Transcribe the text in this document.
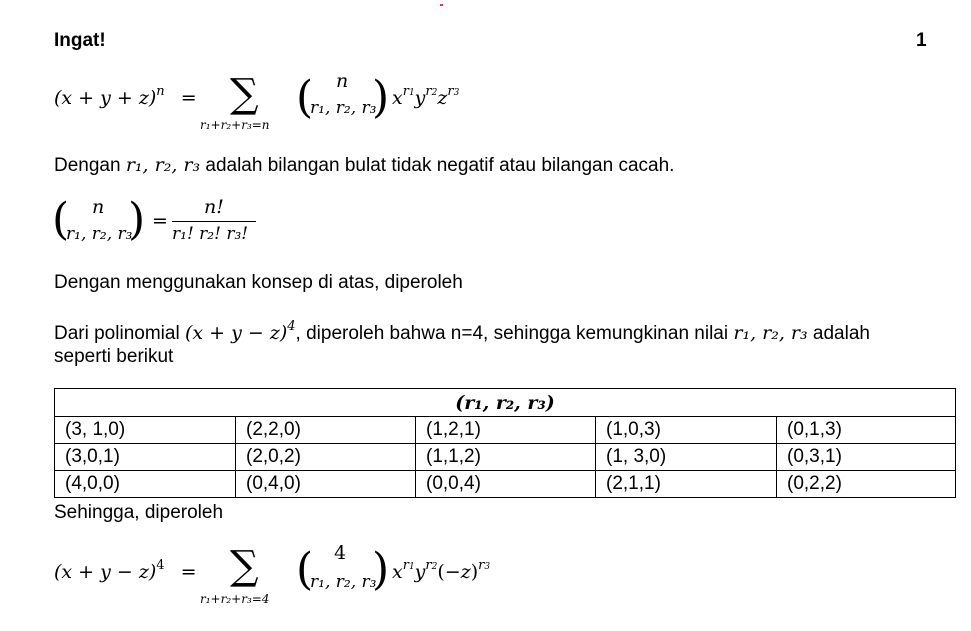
Ingat!	1
$(x + y + z)^n$ = ∑
r₁+r₂+r₃=n
( n
r₁, r₂, r₃
) $x^{r1}y^{r2}z^{r3}$
Dengan r₁, r₂, r₃ adalah bilangan bulat tidak negatif atau bilangan cacah.
( n
r₁, r₂, r₃
) =
n!
r₁! r₂! r₃!
Dengan menggunakan konsep di atas, diperoleh
Dari polinomial $(x + y - z)^4$, diperoleh bahwa n=4, sehingga kemungkinan nilai r₁, r₂, r₃ adalah
seperti berikut
(r₁, r₂, r₃)				
(3, 1,0)	(2,2,0)	(1,2,1)	(1,0,3)	(0,1,3)
(3,0,1)	(2,0,2)	(1,1,2)	(1, 3,0)	(0,3,1)
(4,0,0)	(0,4,0)	(0,0,4)	(2,1,1)	(0,2,2)
Sehingga, diperoleh
$(x + y - z)^4$ = ∑
r₁+r₂+r₃=4
( 4
r₁, r₂, r₃
) $x^{r1}y^{r2}(-z)^{r3}$
